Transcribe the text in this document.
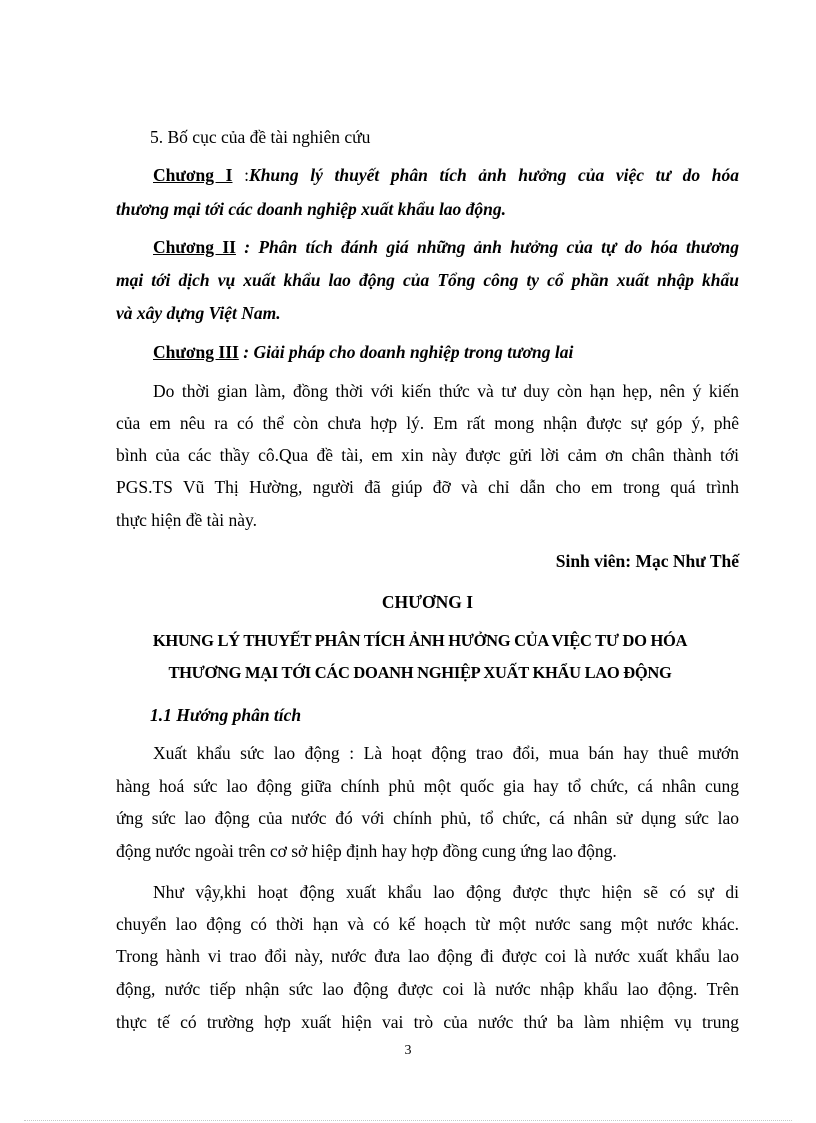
5. Bố cục của đề tài nghiên cứu
Chương I :Khung lý thuyết phân tích ảnh hưởng của việc tư do hóa
thương mại tới các doanh nghiệp xuất khẩu lao động.
Chương II : Phân tích đánh giá những ảnh hưởng của tự do hóa thương
mại tới dịch vụ xuất khẩu lao động của Tổng công ty cổ phần xuất nhập khẩu
và xây dựng Việt Nam.
Chương III : Giải pháp cho doanh nghiệp trong tương lai
Do thời gian làm, đồng thời với kiến thức và tư duy còn hạn hẹp, nên ý kiến
của em nêu ra có thể còn chưa hợp lý. Em rất mong nhận được sự góp ý, phê
bình của các thầy cô.Qua đề tài, em xin này được gửi lời cảm ơn chân thành tới
PGS.TS Vũ Thị Hường, người đã giúp đỡ và chỉ dẫn cho em trong quá trình
thực hiện đề tài này.
Sinh viên: Mạc Như Thế
CHƯƠNG I
KHUNG LÝ THUYẾT PHÂN TÍCH ẢNH HƯỞNG CỦA VIỆC TƯ DO HÓA
THƯƠNG MẠI TỚI CÁC DOANH NGHIỆP XUẤT KHẨU LAO ĐỘNG
1.1 Hướng phân tích
Xuất khẩu sức lao động : Là hoạt động trao đổi, mua bán hay thuê mướn
hàng hoá sức lao động giữa chính phủ một quốc gia hay tổ chức, cá nhân cung
ứng sức lao động của nước đó với chính phủ, tổ chức, cá nhân sử dụng sức lao
động nước ngoài trên cơ sở hiệp định hay hợp đồng cung ứng lao động.
Như vậy,khi hoạt động xuất khẩu lao động được thực hiện sẽ có sự di
chuyển lao động có thời hạn và có kế hoạch từ một nước sang một nước khác.
Trong hành vi trao đổi này, nước đưa lao động đi được coi là nước xuất khẩu lao
động, nước tiếp nhận sức lao động được coi là nước nhập khẩu lao động. Trên
thực tế có trường hợp xuất hiện vai trò của nước thứ ba làm nhiệm vụ trung
3
